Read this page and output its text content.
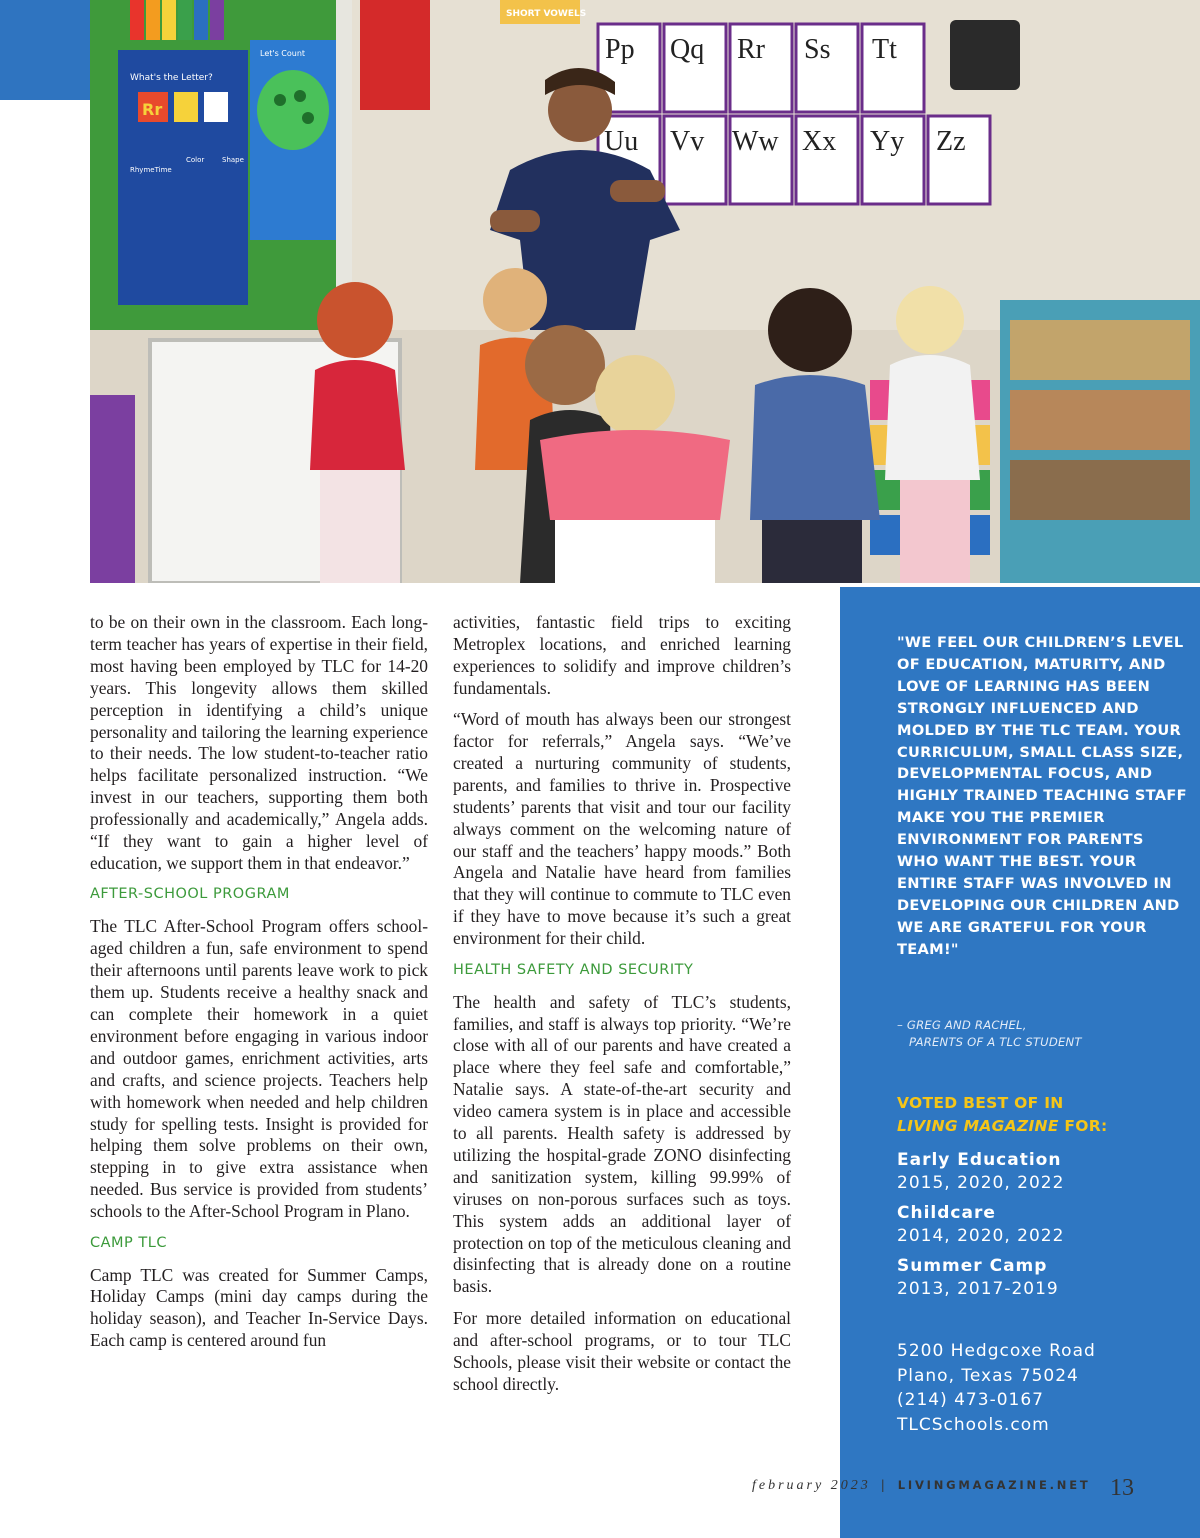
What's the Letter?
Rr
RhymeTime
Color	Shape
Let's Count
SHORT VOWELS
Pp Qq Rr Ss Tt
Uu Vv Ww Xx Yy Zz

to be on their own in the classroom. Each long-term teacher has years of expertise in their field, most having been employed by TLC for 14-20 years. This longevity allows them skilled perception in identifying a child’s unique personality and tailoring the learning experience to their needs. The low student-to-teacher ratio helps facilitate personalized instruction. “We invest in our teachers, supporting them both professionally and academically,” Angela adds. “If they want to gain a higher level of education, we support them in that endeavor.”

AFTER-SCHOOL PROGRAM

The TLC After-School Program offers school-aged children a fun, safe environment to spend their afternoons until parents leave work to pick them up. Students receive a healthy snack and can complete their homework in a quiet environment before engaging in various indoor and outdoor games, enrichment activities, arts and crafts, and science projects. Teachers help with homework when needed and help children study for spelling tests. Insight is provided for helping them solve problems on their own, stepping in to give extra assistance when needed. Bus service is provided from students’ schools to the After-School Program in Plano.

CAMP TLC

Camp TLC was created for Summer Camps, Holiday Camps (mini day camps during the holiday season), and Teacher In-Service Days. Each camp is centered around fun

activities, fantastic field trips to exciting Metroplex locations, and enriched learning experiences to solidify and improve children’s fundamentals.

“Word of mouth has always been our strongest factor for referrals,” Angela says. “We’ve created a nurturing community of students, parents, and families to thrive in. Prospective students’ parents that visit and tour our facility always comment on the welcoming nature of our staff and the teachers’ happy moods.” Both Angela and Natalie have heard from families that they will continue to commute to TLC even if they have to move because it’s such a great environment for their child.

HEALTH SAFETY AND SECURITY

The health and safety of TLC’s students, families, and staff is always top priority. “We’re close with all of our parents and have created a place where they feel safe and comfortable,” Natalie says. A state-of-the-art security and video camera system is in place and accessible to all parents. Health safety is addressed by utilizing the hospital-grade ZONO disinfecting and sanitization system, killing 99.99% of viruses on non-porous surfaces such as toys. This system adds an additional layer of protection on top of the meticulous cleaning and disinfecting that is already done on a routine basis.

For more detailed information on educational and after-school programs, or to tour TLC Schools, please visit their website or contact the school directly.

"WE FEEL OUR CHILDREN’S LEVEL OF EDUCATION, MATURITY, AND LOVE OF LEARNING HAS BEEN STRONGLY INFLUENCED AND MOLDED BY THE TLC TEAM. YOUR CURRICULUM, SMALL CLASS SIZE, DEVELOPMENTAL FOCUS, AND HIGHLY TRAINED TEACHING STAFF MAKE YOU THE PREMIER ENVIRONMENT FOR PARENTS WHO WANT THE BEST. YOUR ENTIRE STAFF WAS INVOLVED IN DEVELOPING OUR CHILDREN AND WE ARE GRATEFUL FOR YOUR TEAM!"
– GREG AND RACHEL,
PARENTS OF A TLC STUDENT
VOTED BEST OF IN
LIVING MAGAZINE FOR:
Early Education
2015, 2020, 2022
Childcare
2014, 2020, 2022
Summer Camp
2013, 2017-2019
5200 Hedgcoxe Road
Plano, Texas 75024
(214) 473-0167
TLCSchools.com
february 2023 | LIVINGMAGAZINE.NET 13
